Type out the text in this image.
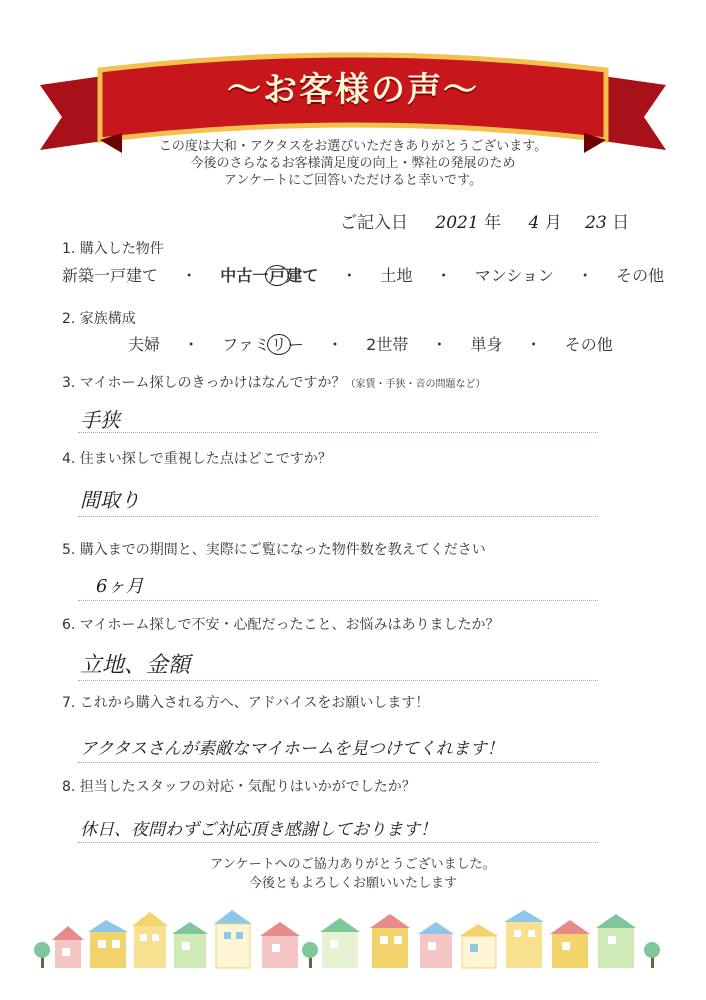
～お客様の声～
この度は大和・アクタスをお選びいただきありがとうございます。
今後のさらなるお客様満足度の向上・弊社の発展のため
アンケートにご回答いただけると幸いです。
ご記入日 2021 年 4 月 23 日
1. 購入した物件
新築一戸建て ・ 中古一戸建て ・ 土地 ・ マンション ・ その他
2. 家族構成
夫婦 ・ ファミリー ・ 2世帯 ・ 単身 ・ その他
3. マイホーム探しのきっかけはなんですか？（家賃・手狭・音の問題など）
手狭
4. 住まい探しで重視した点はどこですか？
間取り
5. 購入までの期間と、実際にご覧になった物件数を教えてください
6ヶ月
6. マイホーム探しで不安・心配だったこと、お悩みはありましたか？
立地、金額
7. これから購入される方へ、アドバイスをお願いします！
アクタスさんが素敵なマイホームを見つけてくれます！
8. 担当したスタッフの対応・気配りはいかがでしたか？
休日、夜問わずご対応頂き感謝しております！
アンケートへのご協力ありがとうございました。
今後ともよろしくお願いいたします
